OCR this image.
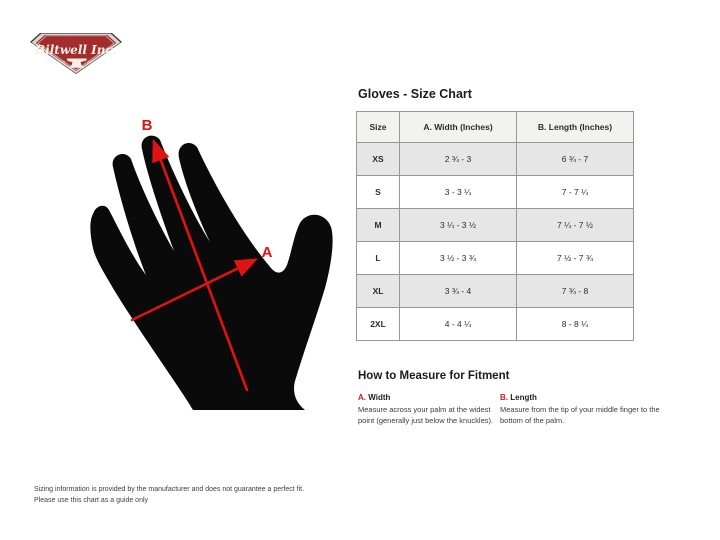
Biltwell Inc.
"QUALITY	COUNTS"
B
A
Gloves - Size Chart
Size	A. Width (Inches)	B. Length (Inches)
XS	2 ¾ - 3	6 ¾ - 7
S	3 - 3 ¼	7 - 7 ¼
M	3 ¼ - 3 ½	7 ¼ - 7 ½
L	3 ½ - 3 ¾	7 ½ - 7 ¾
XL	3 ¾ - 4	7 ¾ - 8
2XL	4 - 4 ¼	8 - 8 ¼
How to Measure for Fitment
A. Width
Measure across your palm at the widest point (generally just below the knuckles).
B. Length
Measure from the tip of your middle finger to the bottom of the palm.
Sizing information is provided by the manufacturer and does not guarantee a perfect fit.
Please use this chart as a guide only
